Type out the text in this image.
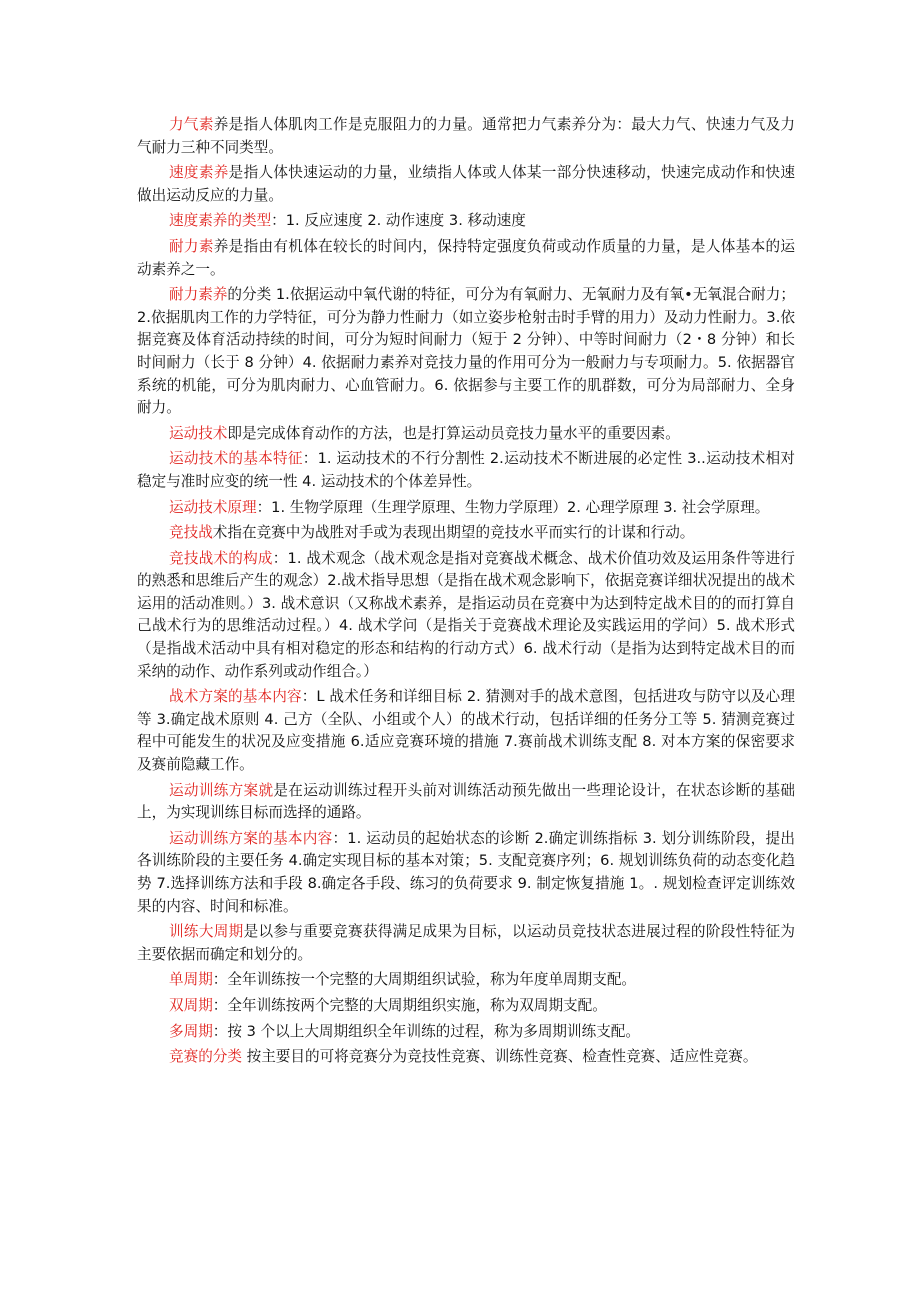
力气素养是指人体肌肉工作是克服阻力的力量。通常把力气素养分为：最大力气、快速力气及力气耐力三种不同类型。

速度素养是指人体快速运动的力量，业绩指人体或人体某一部分快速移动，快速完成动作和快速做出运动反应的力量。

速度素养的类型：1. 反应速度 2. 动作速度 3. 移动速度

耐力素养是指由有机体在较长的时间内，保持特定强度负荷或动作质量的力量，是人体基本的运动素养之一。

耐力素养的分类 1.依据运动中氧代谢的特征，可分为有氧耐力、无氧耐力及有氧•无氧混合耐力；2.依据肌肉工作的力学特征，可分为静力性耐力（如立姿步枪射击时手臂的用力）及动力性耐力。3.依据竞赛及体育活动持续的时间，可分为短时间耐力（短于 2 分钟）、中等时间耐力（2・8 分钟）和长时间耐力（长于 8 分钟）4. 依据耐力素养对竞技力量的作用可分为一般耐力与专项耐力。5. 依据器官系统的机能，可分为肌肉耐力、心血管耐力。6. 依据参与主要工作的肌群数，可分为局部耐力、全身耐力。

运动技术即是完成体育动作的方法，也是打算运动员竞技力量水平的重要因素。

运动技术的基本特征：1. 运动技术的不行分割性 2.运动技术不断进展的必定性 3..运动技术相对稳定与准时应变的统一性 4. 运动技术的个体差异性。

运动技术原理：1. 生物学原理（生理学原理、生物力学原理）2. 心理学原理 3. 社会学原理。

竞技战术指在竞赛中为战胜对手或为表现出期望的竞技水平而实行的计谋和行动。

竞技战术的构成：1. 战术观念（战术观念是指对竞赛战术概念、战术价值功效及运用条件等进行的熟悉和思维后产生的观念）2.战术指导思想（是指在战术观念影响下，依据竞赛详细状况提出的战术运用的活动准则。）3. 战术意识（又称战术素养，是指运动员在竞赛中为达到特定战术目的的而打算自己战术行为的思维活动过程。）4. 战术学问（是指关于竞赛战术理论及实践运用的学问）5. 战术形式（是指战术活动中具有相对稳定的形态和结构的行动方式）6. 战术行动（是指为达到特定战术目的而采纳的动作、动作系列或动作组合。）

战术方案的基本内容：L 战术任务和详细目标 2. 猜测对手的战术意图，包括进攻与防守以及心理等 3.确定战术原则 4. 己方（全队、小组或个人）的战术行动，包括详细的任务分工等 5. 猜测竞赛过程中可能发生的状况及应变措施 6.适应竞赛环境的措施 7.赛前战术训练支配 8. 对本方案的保密要求及赛前隐藏工作。

运动训练方案就是在运动训练过程开头前对训练活动预先做出一些理论设计，在状态诊断的基础上，为实现训练目标而选择的通路。

运动训练方案的基本内容：1. 运动员的起始状态的诊断 2.确定训练指标 3. 划分训练阶段，提出各训练阶段的主要任务 4.确定实现目标的基本对策；5. 支配竞赛序列；6. 规划训练负荷的动态变化趋势 7.选择训练方法和手段 8.确定各手段、练习的负荷要求 9. 制定恢复措施 1。. 规划检查评定训练效果的内容、时间和标准。

训练大周期是以参与重要竞赛获得满足成果为目标，以运动员竞技状态进展过程的阶段性特征为主要依据而确定和划分的。

单周期：全年训练按一个完整的大周期组织试验，称为年度单周期支配。

双周期：全年训练按两个完整的大周期组织实施，称为双周期支配。

多周期：按 3 个以上大周期组织全年训练的过程，称为多周期训练支配。

竞赛的分类 按主要目的可将竞赛分为竞技性竞赛、训练性竞赛、检查性竞赛、适应性竞赛。
